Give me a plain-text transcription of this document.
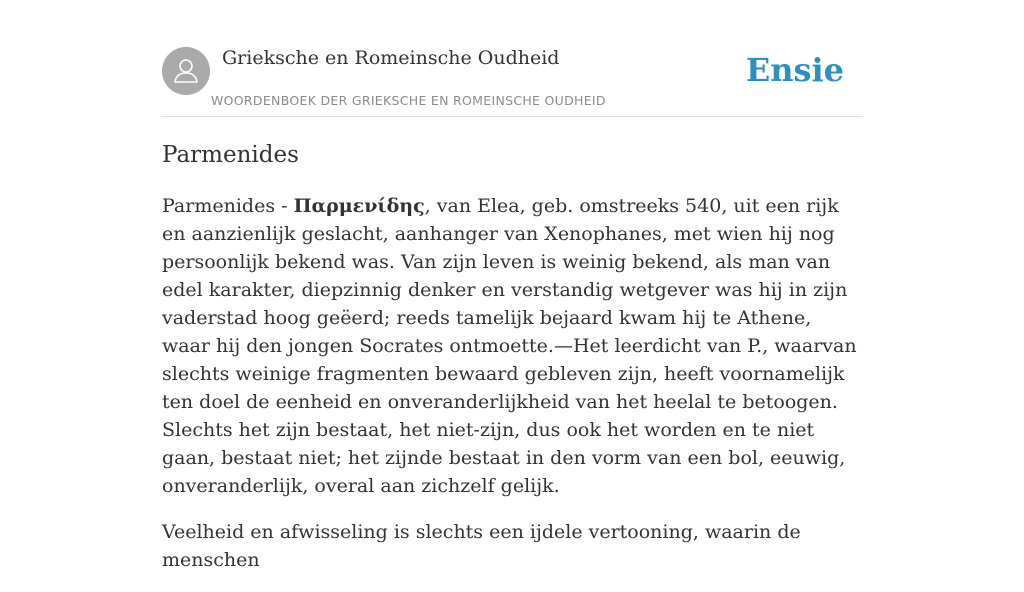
Grieksche en Romeinsche Oudheid
WOORDENBOEK DER GRIEKSCHE EN ROMEINSCHE OUDHEID
Ensie
Parmenides

Parmenides - Παρμενίδης, van Elea, geb. omstreeks 540, uit een rijk en aanzienlijk geslacht, aanhanger van Xenophanes, met wien hij nog persoonlijk bekend was. Van zijn leven is weinig bekend, als man van edel karakter, diepzinnig denker en verstandig wetgever was hij in zijn vaderstad hoog geëerd; reeds tamelijk bejaard kwam hij te Athene, waar hij den jongen Socrates ontmoette.—Het leerdicht van P., waarvan slechts weinige fragmenten bewaard gebleven zijn, heeft voornamelijk ten doel de eenheid en onveranderlijkheid van het heelal te betoogen. Slechts het zijn bestaat, het niet-zijn, dus ook het worden en te niet gaan, bestaat niet; het zijnde bestaat in den vorm van een bol, eeuwig, onveranderlijk, overal aan zichzelf gelijk.

Veelheid en afwisseling is slechts een ijdele vertooning, waarin de menschen
